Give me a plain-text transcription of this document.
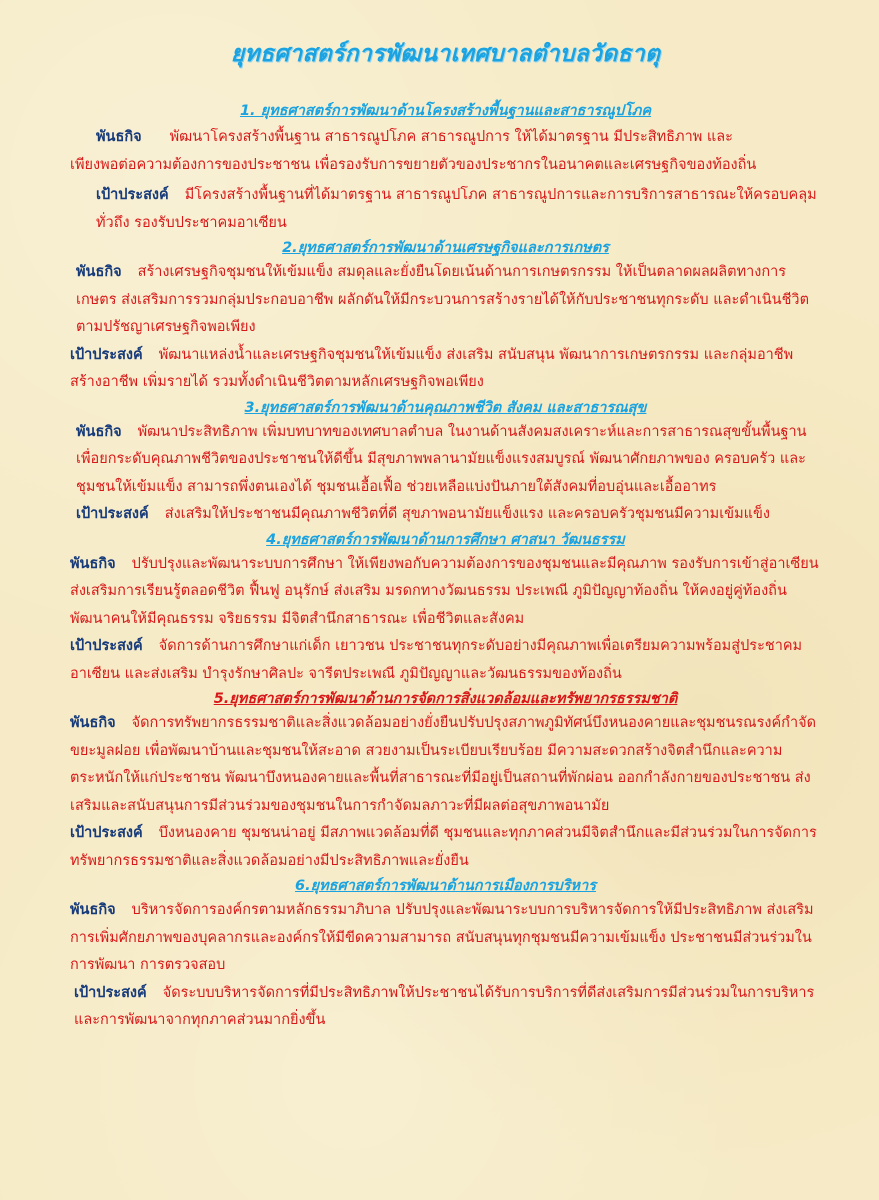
ยุทธศาสตร์การพัฒนาเทศบาลตำบลวัดธาตุ

1. ยุทธศาสตร์การพัฒนาด้านโครงสร้างพื้นฐานและสาธารณูปโภค

พันธกิจ พัฒนาโครงสร้างพื้นฐาน สาธารณูปโภค สาธารณูปการ ให้ได้มาตรฐาน มีประสิทธิภาพ และ

เพียงพอต่อความต้องการของประชาชน เพื่อรองรับการขยายตัวของประชากรในอนาคตและเศรษฐกิจของท้องถิ่น

เป้าประสงค์ มีโครงสร้างพื้นฐานที่ได้มาตรฐาน สาธารณูปโภค สาธารณูปการและการบริการสาธารณะให้ครอบคลุมทั่วถึง รองรับประชาคมอาเซียน

2.ยุทธศาสตร์การพัฒนาด้านเศรษฐกิจและการเกษตร

พันธกิจ สร้างเศรษฐกิจชุมชนให้เข้มแข็ง สมดุลและยั่งยืนโดยเน้นด้านการเกษตรกรรม ให้เป็นตลาดผลผลิตทางการเกษตร ส่งเสริมการรวมกลุ่มประกอบอาชีพ ผลักดันให้มีกระบวนการสร้างรายได้ให้กับประชาชนทุกระดับ และดำเนินชีวิตตามปรัชญาเศรษฐกิจพอเพียง

เป้าประสงค์ พัฒนาแหล่งน้ำและเศรษฐกิจชุมชนให้เข้มแข็ง ส่งเสริม สนับสนุน พัฒนาการเกษตรกรรม และกลุ่มอาชีพ สร้างอาชีพ เพิ่มรายได้ รวมทั้งดำเนินชีวิตตามหลักเศรษฐกิจพอเพียง

3.ยุทธศาสตร์การพัฒนาด้านคุณภาพชีวิต สังคม และสาธารณสุข

พันธกิจ พัฒนาประสิทธิภาพ เพิ่มบทบาทของเทศบาลตำบล ในงานด้านสังคมสงเคราะห์และการสาธารณสุขขั้นพื้นฐาน เพื่อยกระดับคุณภาพชีวิตของประชาชนให้ดีขึ้น มีสุขภาพพลานามัยแข็งแรงสมบูรณ์ พัฒนาศักยภาพของ ครอบครัว และชุมชนให้เข้มแข็ง สามารถพึ่งตนเองได้ ชุมชนเอื้อเฟื้อ ช่วยเหลือแบ่งปันภายใต้สังคมที่อบอุ่นและเอื้ออาทร

เป้าประสงค์ ส่งเสริมให้ประชาชนมีคุณภาพชีวิตที่ดี สุขภาพอนามัยแข็งแรง และครอบครัวชุมชนมีความเข้มแข็ง

4.ยุทธศาสตร์การพัฒนาด้านการศึกษา ศาสนา วัฒนธรรม

พันธกิจ ปรับปรุงและพัฒนาระบบการศึกษา ให้เพียงพอกับความต้องการของชุมชนและมีคุณภาพ รองรับการเข้าสู่อาเซียน ส่งเสริมการเรียนรู้ตลอดชีวิต ฟื้นฟู อนุรักษ์ ส่งเสริม มรดกทางวัฒนธรรม ประเพณี ภูมิปัญญาท้องถิ่น ให้คงอยู่คู่ท้องถิ่น พัฒนาคนให้มีคุณธรรม จริยธรรม มีจิตสำนึกสาธารณะ เพื่อชีวิตและสังคม

เป้าประสงค์ จัดการด้านการศึกษาแก่เด็ก เยาวชน ประชาชนทุกระดับอย่างมีคุณภาพเพื่อเตรียมความพร้อมสู่ประชาคมอาเซียน และส่งเสริม บำรุงรักษาศิลปะ จารีตประเพณี ภูมิปัญญาและวัฒนธรรมของท้องถิ่น

5.ยุทธศาสตร์การพัฒนาด้านการจัดการสิ่งแวดล้อมและทรัพยากรธรรมชาติ

พันธกิจ จัดการทรัพยากรธรรมชาติและสิ่งแวดล้อมอย่างยั่งยืนปรับปรุงสภาพภูมิทัศน์บึงหนองคายและชุมชนรณรงค์กำจัดขยะมูลฝอย เพื่อพัฒนาบ้านและชุมชนให้สะอาด สวยงามเป็นระเบียบเรียบร้อย มีความสะดวกสร้างจิตสำนึกและความตระหนักให้แก่ประชาชน พัฒนาบึงหนองคายและพื้นที่สาธารณะที่มีอยู่เป็นสถานที่พักผ่อน ออกกำลังกายของประชาชน ส่งเสริมและสนับสนุนการมีส่วนร่วมของชุมชนในการกำจัดมลภาวะที่มีผลต่อสุขภาพอนามัย

เป้าประสงค์ บึงหนองคาย ชุมชนน่าอยู่ มีสภาพแวดล้อมที่ดี ชุมชนและทุกภาคส่วนมีจิตสำนึกและมีส่วนร่วมในการจัดการทรัพยากรธรรมชาติและสิ่งแวดล้อมอย่างมีประสิทธิภาพและยั่งยืน

6.ยุทธศาสตร์การพัฒนาด้านการเมืองการบริหาร

พันธกิจ บริหารจัดการองค์กรตามหลักธรรมาภิบาล ปรับปรุงและพัฒนาระบบการบริหารจัดการให้มีประสิทธิภาพ ส่งเสริมการเพิ่มศักยภาพของบุคลากรและองค์กรให้มีขีดความสามารถ สนับสนุนทุกชุมชนมีความเข้มแข็ง ประชาชนมีส่วนร่วมในการพัฒนา การตรวจสอบ

เป้าประสงค์ จัดระบบบริหารจัดการที่มีประสิทธิภาพให้ประชาชนได้รับการบริการที่ดีส่งเสริมการมีส่วนร่วมในการบริหาร และการพัฒนาจากทุกภาคส่วนมากยิ่งขึ้น
